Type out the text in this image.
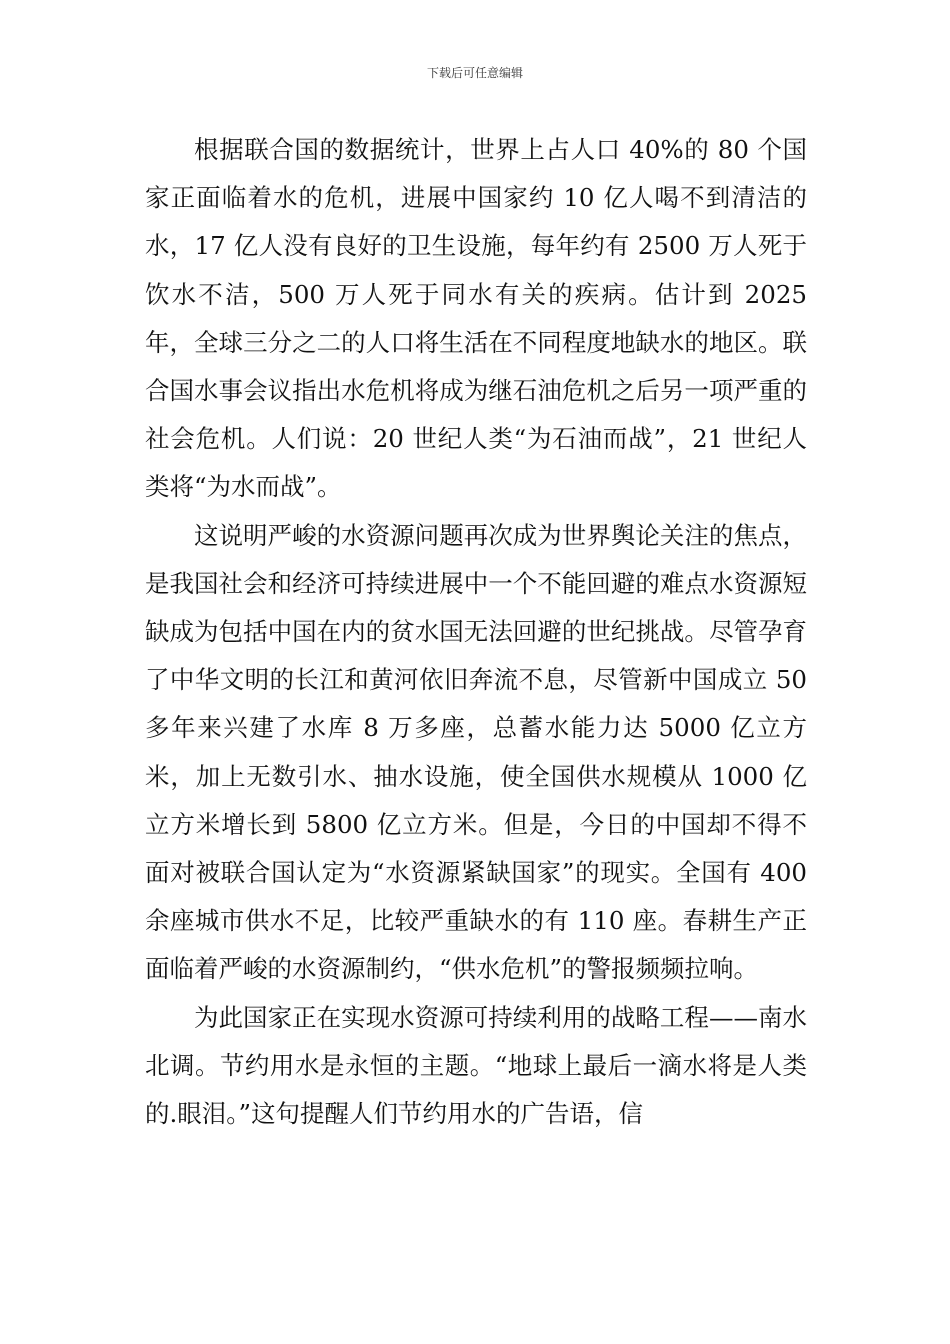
下载后可任意编辑

根据联合国的数据统计，世界上占人口 40%的 80 个国家正面临着水的危机，进展中国家约 10 亿人喝不到清洁的水，17 亿人没有良好的卫生设施，每年约有 2500 万人死于饮水不洁，500 万人死于同水有关的疾病。估计到 2025 年，全球三分之二的人口将生活在不同程度地缺水的地区。联合国水事会议指出水危机将成为继石油危机之后另一项严重的社会危机。人们说：20 世纪人类“为石油而战”，21 世纪人类将“为水而战”。

这说明严峻的水资源问题再次成为世界舆论关注的焦点，是我国社会和经济可持续进展中一个不能回避的难点水资源短缺成为包括中国在内的贫水国无法回避的世纪挑战。尽管孕育了中华文明的长江和黄河依旧奔流不息，尽管新中国成立 50 多年来兴建了水库 8 万多座，总蓄水能力达 5000 亿立方米，加上无数引水、抽水设施，使全国供水规模从 1000 亿立方米增长到 5800 亿立方米。但是，今日的中国却不得不面对被联合国认定为“水资源紧缺国家”的现实。全国有 400 余座城市供水不足，比较严重缺水的有 110 座。春耕生产正面临着严峻的水资源制约，“供水危机”的警报频频拉响。

为此国家正在实现水资源可持续利用的战略工程——南水北调。节约用水是永恒的主题。“地球上最后一滴水将是人类的.眼泪。”这句提醒人们节约用水的广告语，信
